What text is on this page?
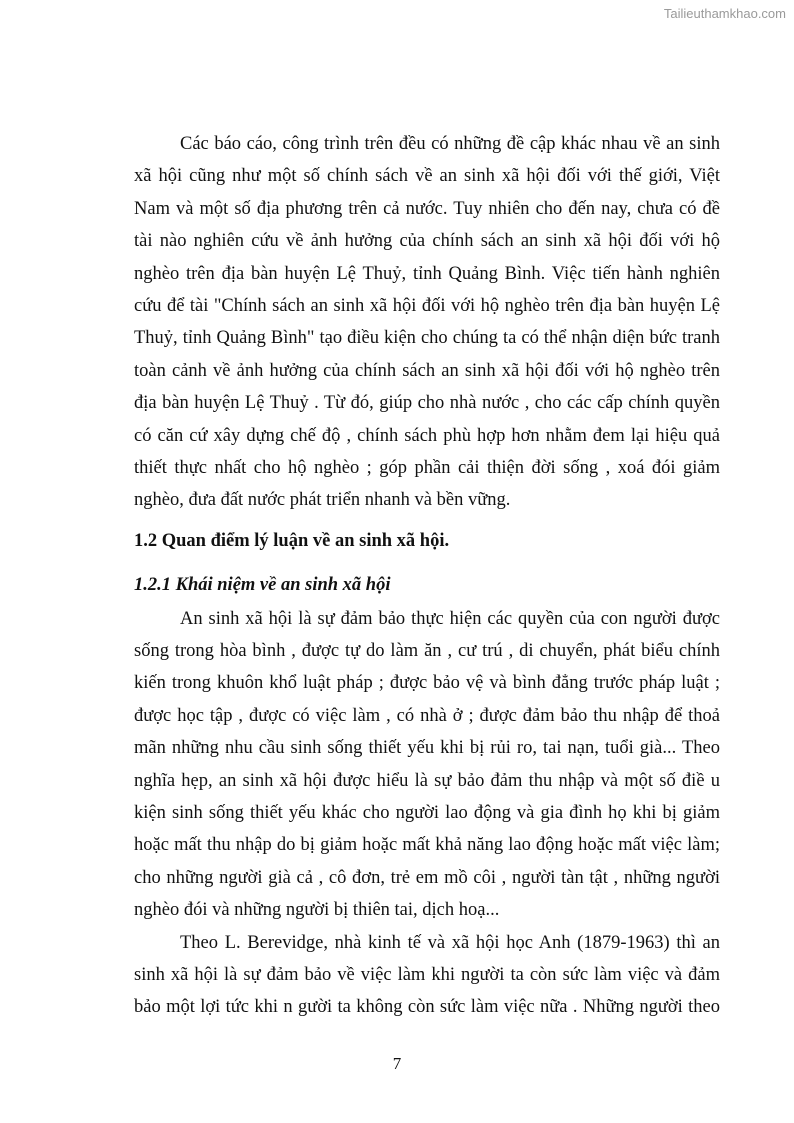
Tailieuthamkhao.com
Các báo cáo, công trình trên đều có những đề cập khác nhau về an sinh
xã hội cũng như một số chính sách về an sinh xã hội đối với thế giới, Việt
Nam và một số địa phương trên cả nước. Tuy nhiên cho đến nay, chưa có đề
tài nào nghiên cứu về ảnh hưởng của chính sách an sinh xã hội đối với hộ
nghèo trên địa bàn huyện Lệ Thuỷ, tỉnh Quảng Bình. Việc tiến hành nghiên
cứu để tài "Chính sách an sinh xã hội đối với hộ nghèo trên địa bàn huyện Lệ
Thuỷ, tỉnh Quảng Bình" tạo điều kiện cho chúng ta có thể nhận diện bức tranh
toàn cảnh về ảnh hưởng của chính sách an sinh xã hội đối với hộ nghèo trên
địa bàn huyện Lệ Thuỷ . Từ đó, giúp cho nhà nước , cho các cấp chính quyền
có căn cứ xây dựng chế độ , chính sách phù hợp hơn nhằm đem lại hiệu quả
thiết thực nhất cho hộ nghèo ; góp phần cải thiện đời sống , xoá đói giảm
nghèo, đưa đất nước phát triển nhanh và bền vững.
1.2 Quan điểm lý luận về an sinh xã hội.
1.2.1 Khái niệm về an sinh xã hội
An sinh xã hội là sự đảm bảo thực hiện các quyền của con người được
sống trong hòa bình , được tự do làm ăn , cư trú , di chuyển, phát biểu chính
kiến trong khuôn khổ luật pháp ; được bảo vệ và bình đẳng trước pháp luật ;
được học tập , được có việc làm , có nhà ở ; được đảm bảo thu nhập để thoả
mãn những nhu cầu sinh sống thiết yếu khi bị rủi ro, tai nạn, tuổi già... Theo
nghĩa hẹp, an sinh xã hội được hiểu là sự bảo đảm thu nhập và một số điề u
kiện sinh sống thiết yếu khác cho người lao động và gia đình họ khi bị giảm
hoặc mất thu nhập do bị giảm hoặc mất khả năng lao động hoặc mất việc làm;
cho những người già cả , cô đơn, trẻ em mồ côi , người tàn tật , những người
nghèo đói và những người bị thiên tai, dịch hoạ...
Theo L. Berevidge, nhà kinh tế và xã hội học Anh (1879-1963) thì an
sinh xã hội là sự đảm bảo về việc làm khi người ta còn sức làm việc và đảm
bảo một lợi tức khi n gười ta không còn sức làm việc nữa . Những người theo
7
